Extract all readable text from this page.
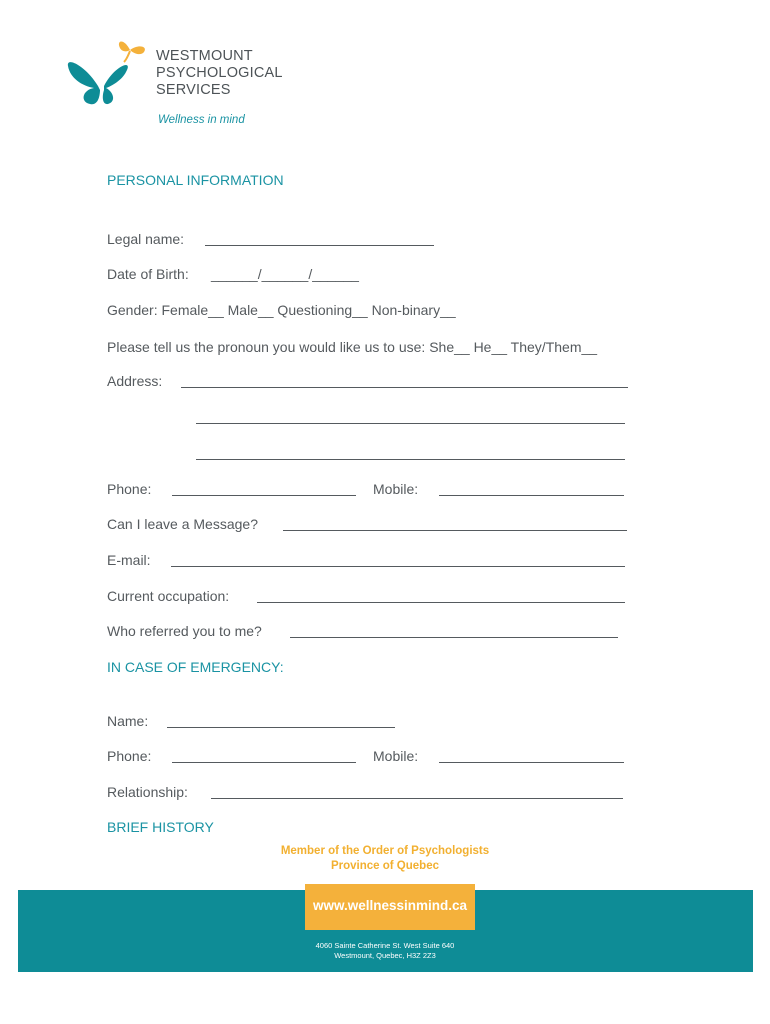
WESTMOUNT
PSYCHOLOGICAL
SERVICES
Wellness in mind
PERSONAL INFORMATION
Legal name:
Date of Birth: ______/______/______
Gender: Female__ Male__ Questioning__ Non-binary__
Please tell us the pronoun you would like us to use: She__ He__ They/Them__
Address:
Phone:	Mobile:
Can I leave a Message?
E-mail:
Current occupation:
Who referred you to me?
IN CASE OF EMERGENCY:
Name:
Phone:	Mobile:
Relationship:
BRIEF HISTORY
Member of the Order of Psychologists
Province of Quebec
www.wellnessinmind.ca
4060 Sainte Catherine St. West Suite 640
Westmount, Quebec, H3Z 2Z3
